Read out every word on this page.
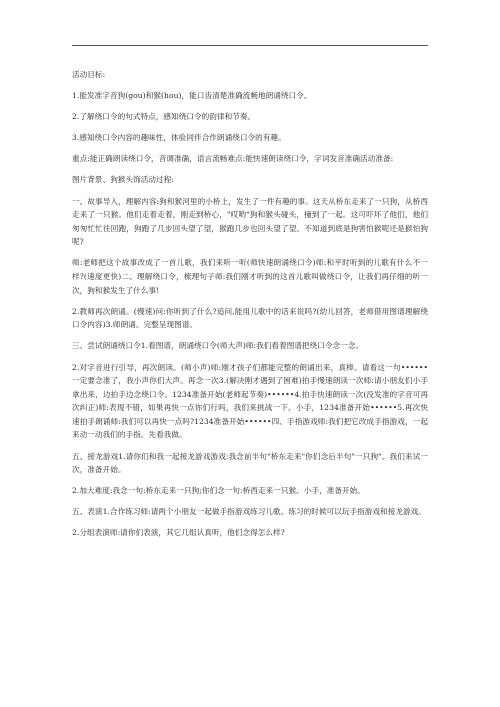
活动目标:

1.能发准字音狗(gou)和猴(hou)，能口齿清楚准确流畅地朗诵绕口令。

2.了解绕口令的句式特点，感知绕口令的韵律和节奏。

3.感知绕口令内容的趣味性，体验同伴合作朗诵绕口令的有趣。

重点:能正确朗读绕口令，音调准确，语言流畅难点:能快速朗读绕口令，字词发音准确活动准备:

图片背景、狗猴头饰活动过程:

一、故事导入，理解内容:狗和猴河里的小桥上，发生了一件有趣的事。这天从桥东走来了一只狗，从桥西走来了一只猴。他们走着走着，刚走到桥心，"哎哟"狗和猴头碰头，撞到了一起。这可吓坏了他们，他们匆匆忙忙往回跑，狗跑了几步回头望了望，猴跑几步也回头望了望。不知道到底是狗害怕猴呢还是猴怕狗呢?

师:老师把这个故事改成了一首儿歌，我们来听一听(师快速朗诵绕口令)师:和平时听到的儿歌有什么不一样?(速度更快)二、理解绕口令，梳理句子师:我们刚才听到的这首儿歌叫做绕口令，让我们再仔细的听一次，狗和猴发生了什么事!

2.教师再次朗诵。(慢速)问:你听到了什么?追问,能用儿歌中的话来说吗?(幼儿回答，老师借用图谱理解绕口令内容)3.师朗诵。完整呈现图谱。

三、尝试朗诵绕口令1.看图谱，朗诵绕口令(师大声)师:我们看着图谱把绕口令念一念。

2.对字音进行引导，再次朗读。(师小声)师:刚才孩子们都能完整的朗诵出来，真棒。请看这一句••••••一定要念准了，我小声你们大声。再念一次3.(解决刚才遇到了困难)拍手慢速朗读一次师:请小朋友们小手拿出来，边拍手边念绕口令。1234准备开始(老师起节奏)••••••4.拍手快速朗读一次(没发准的字音可再次纠正)师:表现不错，如果再快一点你们行吗，我们来挑战一下。小手，1234准备开始••••••5.再次快速拍手朗诵师:我们可以再快一点吗?1234准备开始••••••四、手指游戏师:我们把它改成手指游戏，一起来动一动我们的手指。先看我做。

五、接龙游戏1.请你们和我一起接龙游戏游戏:我念前半句"桥东走来"你们念后半句"一只狗"。我们来试一次，准备开始。

2.加大难度:我念一句:桥东走来一只狗;你们念一句:桥西走来一只猴。小手，准备开始。

五、表演1.合作练习师:请两个小朋友一起做手指游戏练习儿歌。练习的时候可以玩手指游戏和接龙游戏。

2.分组表演师:请你们表演，其它几组认真听，他们念得怎么样?
